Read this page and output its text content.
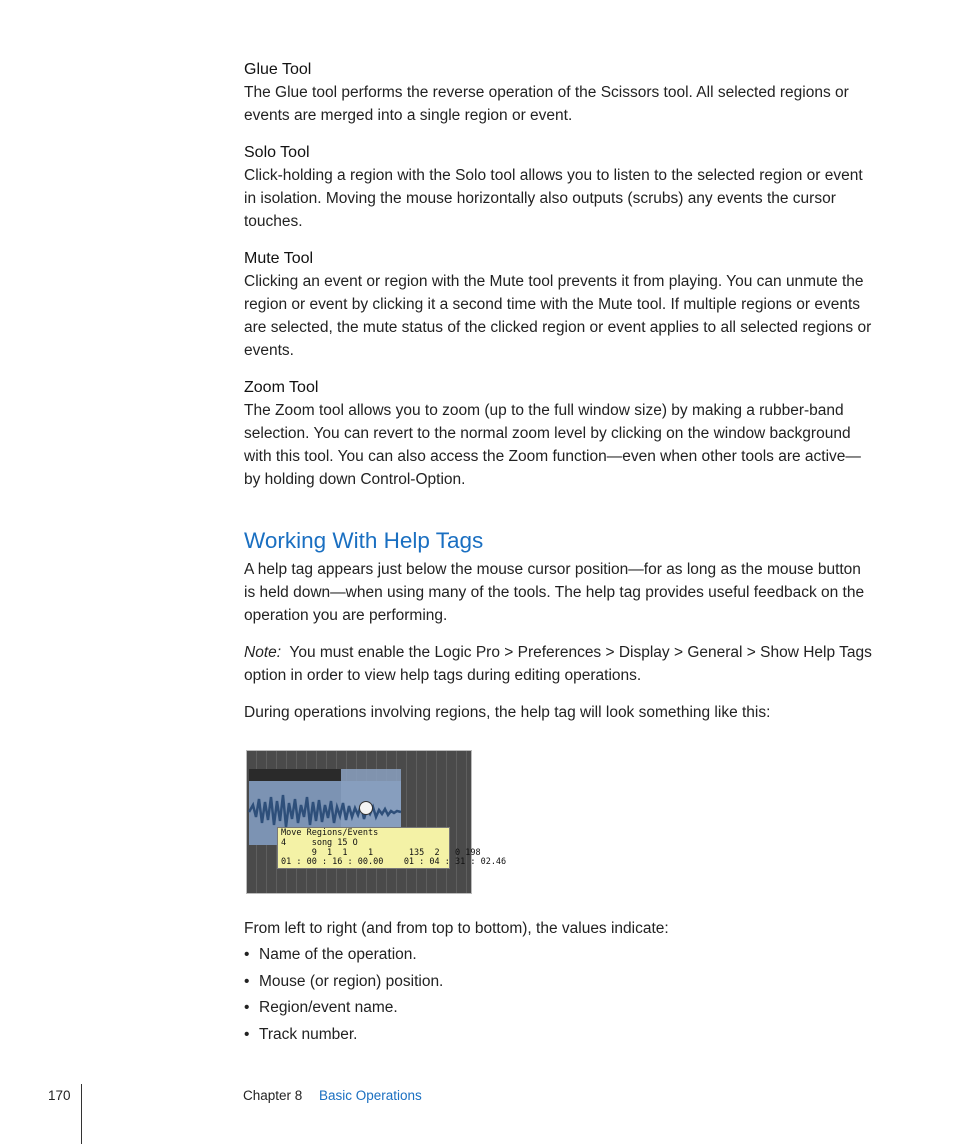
Glue Tool

The Glue tool performs the reverse operation of the Scissors tool. All selected regions or events are merged into a single region or event.

Solo Tool

Click-holding a region with the Solo tool allows you to listen to the selected region or event in isolation. Moving the mouse horizontally also outputs (scrubs) any events the cursor touches.

Mute Tool

Clicking an event or region with the Mute tool prevents it from playing. You can unmute the region or event by clicking it a second time with the Mute tool. If multiple regions or events are selected, the mute status of the clicked region or event applies to all selected regions or events.

Zoom Tool

The Zoom tool allows you to zoom (up to the full window size) by making a rubber-band selection. You can revert to the normal zoom level by clicking on the window background with this tool. You can also access the Zoom function—even when other tools are active—by holding down Control-Option.

Working With Help Tags

A help tag appears just below the mouse cursor position—for as long as the mouse button is held down—when using many of the tools. The help tag provides useful feedback on the operation you are performing.

Note: You must enable the Logic Pro > Preferences > Display > General > Show Help Tags option in order to view help tags during editing operations.

During operations involving regions, the help tag will look something like this:

Move Regions/Events
4     song 15 O
9  1  1    1       135  2   0 198
01 : 00 : 16 : 00.00    01 : 04 : 31 : 02.46

From left to right (and from top to bottom), the values indicate:

• Name of the operation.
• Mouse (or region) position.
• Region/event name.
• Track number.
170	Chapter 8 Basic Operations
